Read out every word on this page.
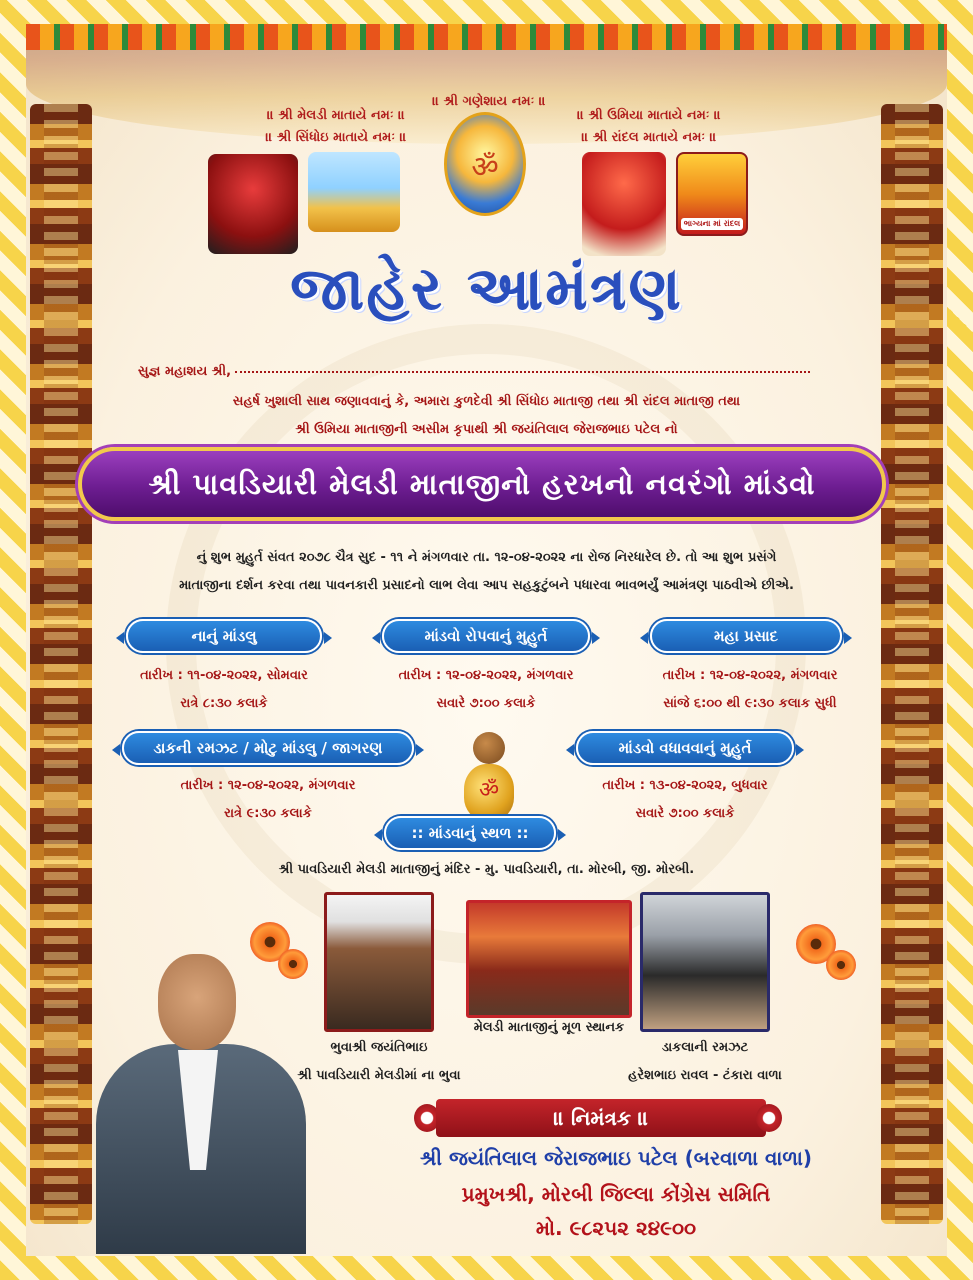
॥ શ્રી ગણેશાય નમઃ ॥
॥ શ્રી મેલડી માતાયે નમઃ ॥
॥ શ્રી સિંધોઇ માતાયે નમઃ ॥
॥ શ્રી ઉમિયા માતાયે નમઃ ॥
॥ શ્રી રાંદલ માતાયે નમઃ ॥
ॐ
ભાગ્યના માં રાંદલ
જાહેર આમંત્રણ
સુજ્ઞ મહાશય શ્રી,
સહર્ષ ખુશાલી સાથ જણાવવાનું કે, અમારા કુળદેવી શ્રી સિંધોઇ માતાજી તથા શ્રી રાંદલ માતાજી તથા
શ્રી ઉમિયા માતાજીની અસીમ કૃપાથી શ્રી જયંતિલાલ જેરાજભાઇ પટેલ નો
શ્રી પાવડિયારી મેલડી માતાજીનો હરખનો નવરંગો માંડવો
નું શુભ મુહુર્ત સંવત ૨૦૭૮ ચૈત્ર સુદ - ૧૧ ને મંગળવાર તા. ૧૨-૦૪-૨૦૨૨ ના રોજ નિરધારેલ છે. તો આ શુભ પ્રસંગે
માતાજીના દર્શન કરવા તથા પાવનકારી પ્રસાદનો લાભ લેવા આપ સહકુટુંબને પધારવા ભાવભર્યું આમંત્રણ પાઠવીએ છીએ.
નાનું માંડલુ
તારીખ : ૧૧-૦૪-૨૦૨૨, સોમવાર
રાત્રે ૮:૩૦ કલાકે
માંડવો રોપવાનું મુહુર્ત
તારીખ : ૧૨-૦૪-૨૦૨૨, મંગળવાર
સવારે ૭:૦૦ કલાકે
મહા પ્રસાદ
તારીખ : ૧૨-૦૪-૨૦૨૨, મંગળવાર
સાંજે ૬:૦૦ થી ૯:૩૦ કલાક સુધી
ડાકની રમઝટ / મોટુ માંડલુ / જાગરણ
તારીખ : ૧૨-૦૪-૨૦૨૨, મંગળવાર
રાત્રે ૯:૩૦ કલાકે
ॐ
માંડવો વધાવવાનું મુહુર્ત
તારીખ : ૧૩-૦૪-૨૦૨૨, બુધવાર
સવારે ૭:૦૦ કલાકે
:: માંડવાનું સ્થળ ::
શ્રી પાવડિયારી મેલડી માતાજીનું મંદિર - મુ. પાવડિયારી, તા. મોરબી, જી. મોરબી.
ભુવાશ્રી જયંતિભાઇ
શ્રી પાવડિયારી મેલડીમાં ના ભુવા
મેલડી માતાજીનું મૂળ સ્થાનક
ડાકલાની રમઝટ
હરેશભાઇ રાવલ - ટંકારા વાળા
॥ નિમંત્રક ॥
શ્રી જયંતિલાલ જેરાજભાઇ પટેલ (બરવાળા વાળા)
પ્રમુખશ્રી, મોરબી જિલ્લા કોંગ્રેસ સમિતિ
મો. ૯૮૨૫૨ ૨૪૯૦૦
